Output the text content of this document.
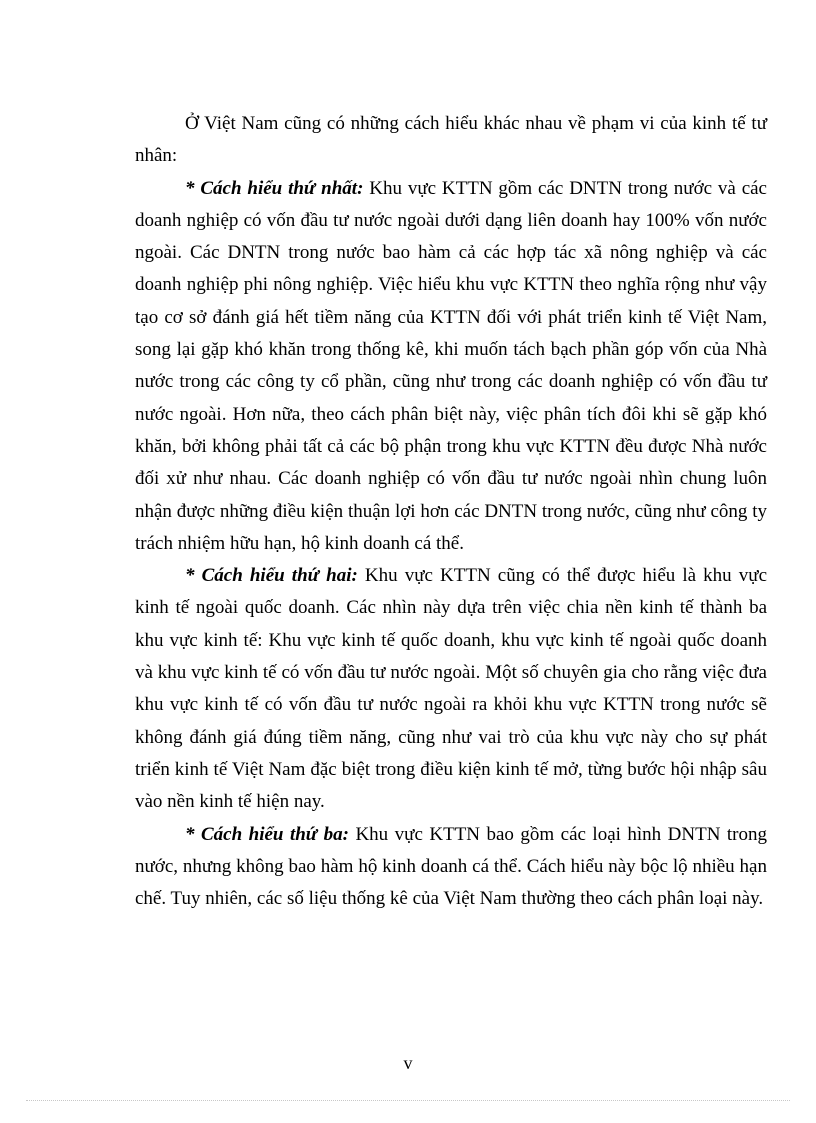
Ở Việt Nam cũng có những cách hiểu khác nhau về phạm vi của kinh tế tư nhân:

* Cách hiểu thứ nhất: Khu vực KTTN gồm các DNTN trong nước và các doanh nghiệp có vốn đầu tư nước ngoài dưới dạng liên doanh hay 100% vốn nước ngoài. Các DNTN trong nước bao hàm cả các hợp tác xã nông nghiệp và các doanh nghiệp phi nông nghiệp. Việc hiểu khu vực KTTN theo nghĩa rộng như vậy tạo cơ sở đánh giá hết tiềm năng của KTTN đối với phát triển kinh tế Việt Nam, song lại gặp khó khăn trong thống kê, khi muốn tách bạch phần góp vốn của Nhà nước trong các công ty cổ phần, cũng như trong các doanh nghiệp có vốn đầu tư nước ngoài. Hơn nữa, theo cách phân biệt này, việc phân tích đôi khi sẽ gặp khó khăn, bởi không phải tất cả các bộ phận trong khu vực KTTN đều được Nhà nước đối xử như nhau. Các doanh nghiệp có vốn đầu tư nước ngoài nhìn chung luôn nhận được những điều kiện thuận lợi hơn các DNTN trong nước, cũng như công ty trách nhiệm hữu hạn, hộ kinh doanh cá thể.

* Cách hiểu thứ hai: Khu vực KTTN cũng có thể được hiểu là khu vực kinh tế ngoài quốc doanh. Các nhìn này dựa trên việc chia nền kinh tế thành ba khu vực kinh tế: Khu vực kinh tế quốc doanh, khu vực kinh tế ngoài quốc doanh và khu vực kinh tế có vốn đầu tư nước ngoài. Một số chuyên gia cho rằng việc đưa khu vực kinh tế có vốn đầu tư nước ngoài ra khỏi khu vực KTTN trong nước sẽ không đánh giá đúng tiềm năng, cũng như vai trò của khu vực này cho sự phát triển kinh tế Việt Nam đặc biệt trong điều kiện kinh tế mở, từng bước hội nhập sâu vào nền kinh tế hiện nay.

* Cách hiểu thứ ba: Khu vực KTTN bao gồm các loại hình DNTN trong nước, nhưng không bao hàm hộ kinh doanh cá thể. Cách hiểu này bộc lộ nhiều hạn chế. Tuy nhiên, các số liệu thống kê của Việt Nam thường theo cách phân loại này.

v
